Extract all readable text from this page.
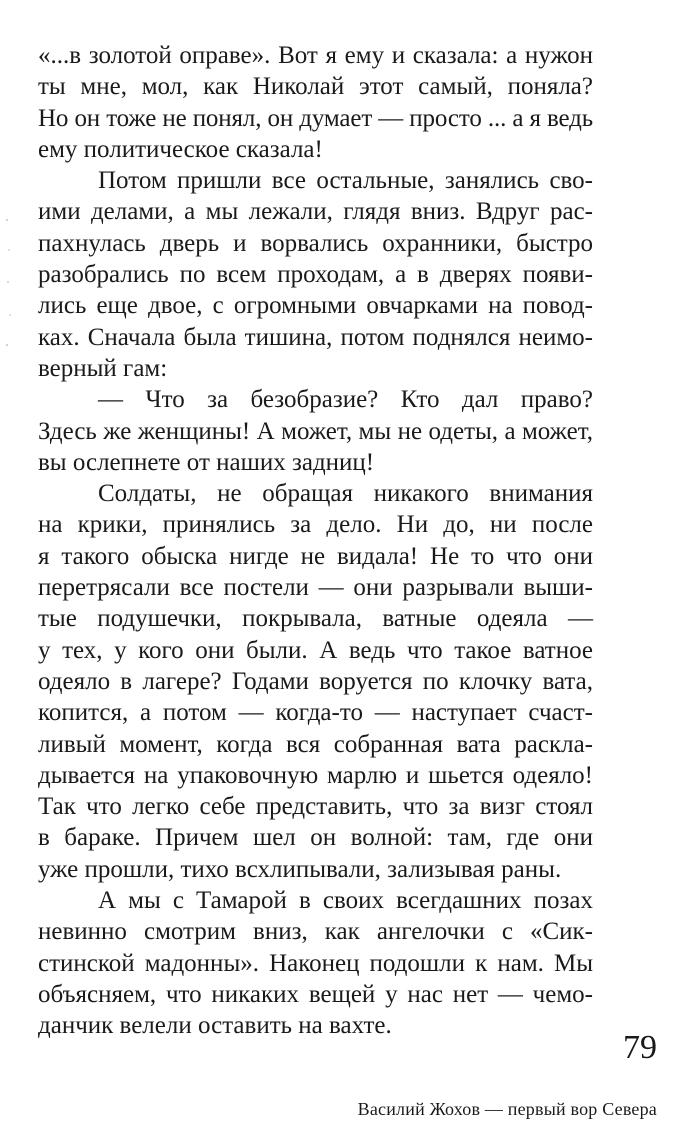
«...в золотой оправе». Вот я ему и сказала: а нужон
ты мне, мол, как Николай этот самый, поняла?
Но он тоже не понял, он думает — просто ... а я ведь
ему политическое сказала!
Потом пришли все остальные, занялись сво-
ими делами, а мы лежали, глядя вниз. Вдруг рас-
пахнулась дверь и ворвались охранники, быстро
разобрались по всем проходам, а в дверях появи-
лись еще двое, с огромными овчарками на повод-
ках. Сначала была тишина, потом поднялся неимо-
верный гам:
— Что за безобразие? Кто дал право?
Здесь же женщины! А может, мы не одеты, а может,
вы ослепнете от наших задниц!
Солдаты, не обращая никакого внимания
на крики, принялись за дело. Ни до, ни после
я такого обыска нигде не видала! Не то что они
перетрясали все постели — они разрывали выши-
тые подушечки, покрывала, ватные одеяла —
у тех, у кого они были. А ведь что такое ватное
одеяло в лагере? Годами воруется по клочку вата,
копится, а потом — когда-то — наступает счаст-
ливый момент, когда вся собранная вата раскла-
дывается на упаковочную марлю и шьется одеяло!
Так что легко себе представить, что за визг стоял
в бараке. Причем шел он волной: там, где они
уже прошли, тихо всхлипывали, зализывая раны.
А мы с Тамарой в своих всегдашних позах
невинно смотрим вниз, как ангелочки с «Сик-
стинской мадонны». Наконец подошли к нам. Мы
объясняем, что никаких вещей у нас нет — чемо-
данчик велели оставить на вахте.
79
Василий Жохов — первый вор Севера
